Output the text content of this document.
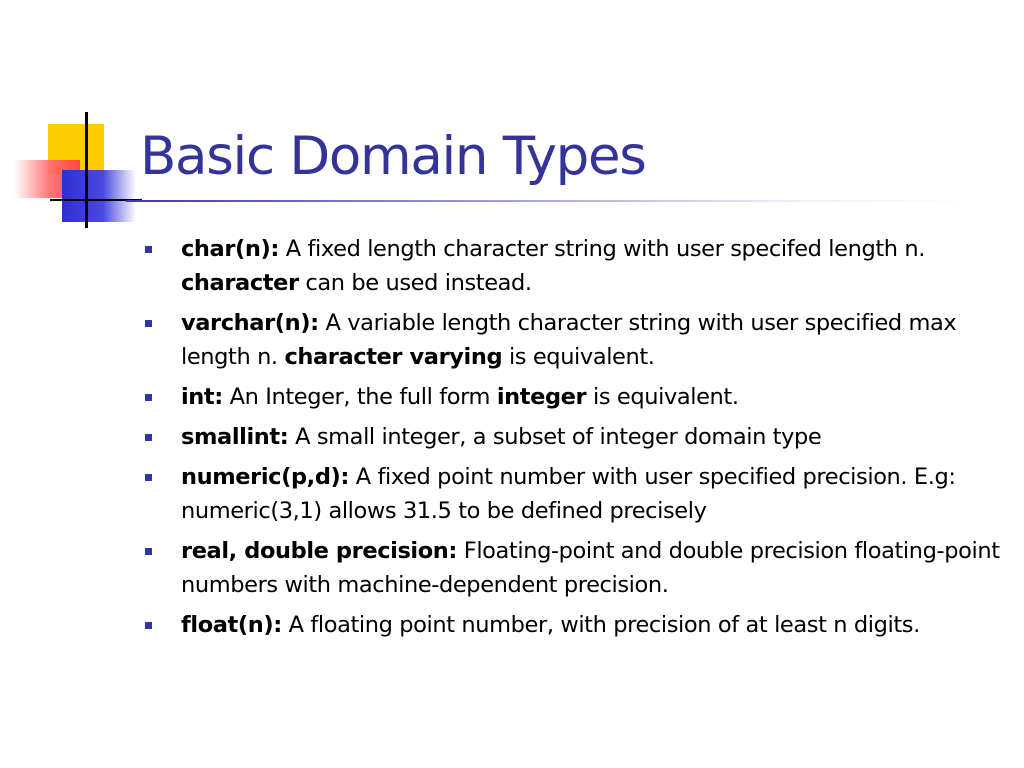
Basic Domain Types
char(n): A fixed length character string with user specifed length n. character can be used instead.
varchar(n): A variable length character string with user specified max length n. character varying is equivalent.
int: An Integer, the full form integer is equivalent.
smallint: A small integer, a subset of integer domain type
numeric(p,d): A fixed point number with user specified precision. E.g: numeric(3,1) allows 31.5 to be defined precisely
real, double precision: Floating-point and double precision floating-point numbers with machine-dependent precision.
float(n): A floating point number, with precision of at least n digits.
